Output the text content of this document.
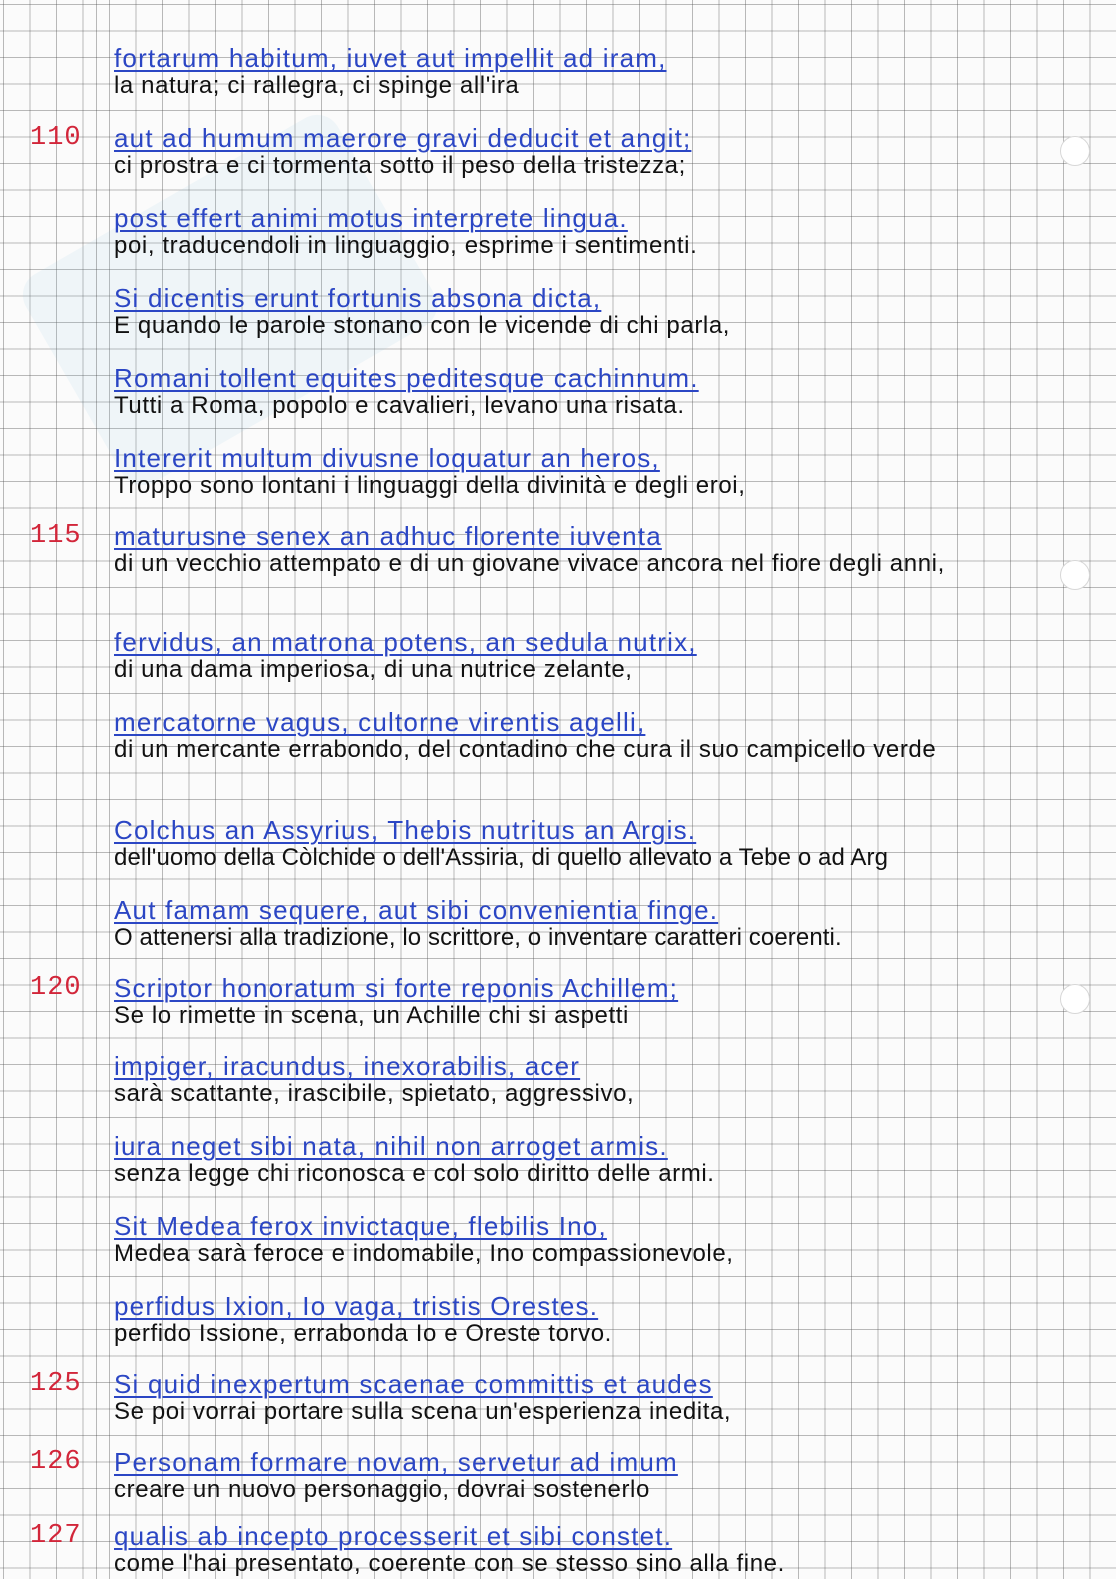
fortarum habitum, iuvet aut impellit ad iram,
la natura; ci rallegra, ci spinge all'ira
110	aut ad humum maerore gravi deducit et angit;
ci prostra e ci tormenta sotto il peso della tristezza;
post effert animi motus interprete lingua.
poi, traducendoli in linguaggio, esprime i sentimenti.
Si dicentis erunt fortunis absona dicta,
E quando le parole stonano con le vicende di chi parla,
Romani tollent equites peditesque cachinnum.
Tutti a Roma, popolo e cavalieri, levano una risata.
Intererit multum divusne loquatur an heros,
Troppo sono lontani i linguaggi della divinità e degli eroi,
115	maturusne senex an adhuc florente iuventa
di un vecchio attempato e di un giovane vivace ancora nel fiore degli anni,
fervidus, an matrona potens, an sedula nutrix,
di una dama imperiosa, di una nutrice zelante,
mercatorne vagus, cultorne virentis agelli,
di un mercante errabondo, del contadino che cura il suo campicello verde
Colchus an Assyrius, Thebis nutritus an Argis.
dell'uomo della Còlchide o dell'Assiria, di quello allevato a Tebe o ad Arg
Aut famam sequere, aut sibi convenientia finge.
O attenersi alla tradizione, lo scrittore, o inventare caratteri coerenti.
120	Scriptor honoratum si forte reponis Achillem;
Se lo rimette in scena, un Achille chi si aspetti
impiger, iracundus, inexorabilis, acer
sarà scattante, irascibile, spietato, aggressivo,
iura neget sibi nata, nihil non arroget armis.
senza legge chi riconosca e col solo diritto delle armi.
Sit Medea ferox invictaque, flebilis Ino,
Medea sarà feroce e indomabile, Ino compassionevole,
perfidus Ixion, Io vaga, tristis Orestes.
perfido Issione, errabonda Io e Oreste torvo.
125	Si quid inexpertum scaenae committis et audes
Se poi vorrai portare sulla scena un'esperienza inedita,
126	Personam formare novam, servetur ad imum
creare un nuovo personaggio, dovrai sostenerlo
127	qualis ab incepto processerit et sibi constet.
come l'hai presentato, coerente con se stesso sino alla fine.
